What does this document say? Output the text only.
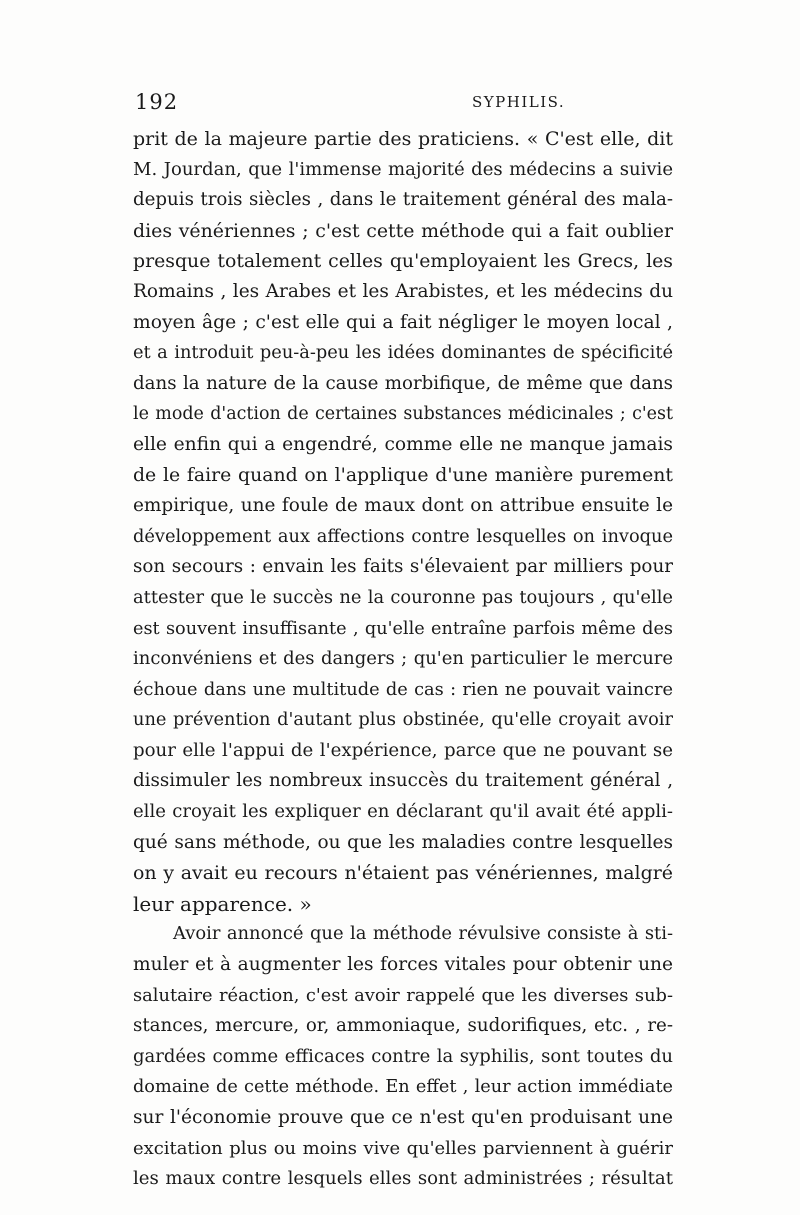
192	SYPHILIS.
prit de la majeure partie des praticiens. « C'est elle, dit
M. Jourdan, que l'immense majorité des médecins a suivie
depuis trois siècles , dans le traitement général des mala-
dies vénériennes ; c'est cette méthode qui a fait oublier
presque totalement celles qu'employaient les Grecs, les
Romains , les Arabes et les Arabistes, et les médecins du
moyen âge ; c'est elle qui a fait négliger le moyen local ,
et a introduit peu-à-peu les idées dominantes de spécificité
dans la nature de la cause morbifique, de même que dans
le mode d'action de certaines substances médicinales ; c'est
elle enfin qui a engendré, comme elle ne manque jamais
de le faire quand on l'applique d'une manière purement
empirique, une foule de maux dont on attribue ensuite le
développement aux affections contre lesquelles on invoque
son secours : envain les faits s'élevaient par milliers pour
attester que le succès ne la couronne pas toujours , qu'elle
est souvent insuffisante , qu'elle entraîne parfois même des
inconvéniens et des dangers ; qu'en particulier le mercure
échoue dans une multitude de cas : rien ne pouvait vaincre
une prévention d'autant plus obstinée, qu'elle croyait avoir
pour elle l'appui de l'expérience, parce que ne pouvant se
dissimuler les nombreux insuccès du traitement général ,
elle croyait les expliquer en déclarant qu'il avait été appli-
qué sans méthode, ou que les maladies contre lesquelles
on y avait eu recours n'étaient pas vénériennes, malgré
leur apparence. »
Avoir annoncé que la méthode révulsive consiste à sti-
muler et à augmenter les forces vitales pour obtenir une
salutaire réaction, c'est avoir rappelé que les diverses sub-
stances, mercure, or, ammoniaque, sudorifiques, etc. , re-
gardées comme efficaces contre la syphilis, sont toutes du
domaine de cette méthode. En effet , leur action immédiate
sur l'économie prouve que ce n'est qu'en produisant une
excitation plus ou moins vive qu'elles parviennent à guérir
les maux contre lesquels elles sont administrées ; résultat
